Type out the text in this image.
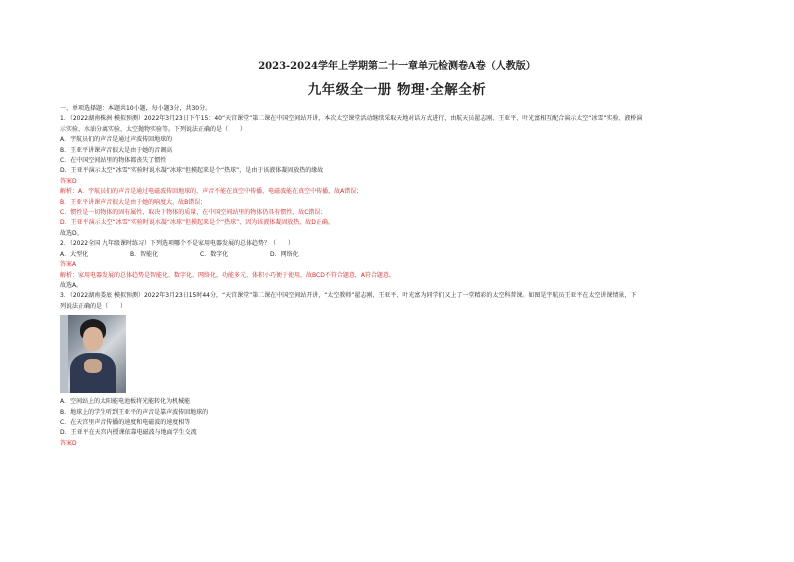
2023-2024学年上学期第二十一章单元检测卷A卷（人教版）
九年级全一册 物理·全解全析
一、单项选择题：本题共10小题，每小题3分，共30分。
1．（2022湖南株洲 模拟预测）2022年3月23日下午15：40“天宫课堂”第二课在中国空间站开讲，本次太空课堂活动继续采取天地对话方式进行，由航天员翟志刚、王亚平、叶光富相互配合演示太空“冰雪”实验、液桥演
示实验、水油分离实验、太空抛物实验等。下列说法正确的是（　　）
A．宇航员们的声音是通过声波传回地球的
B．王亚平讲课声音很大是由于她的音调高
C．在中国空间站里的物体都丧失了惯性
D．王亚平演示太空“冰雪”实验时说水凝“冰球”但摸起来是个“热球”，是由于该液体凝固放热的缘故
答案D
解析：A．宇航员们的声音是通过电磁波传回地球的，声音不能在真空中传播，电磁波能在真空中传播，故A错误；
B．王亚平讲课声音很大是由于她的响度大，故B错误；
C．惯性是一切物体的固有属性，取决于物体的质量，在中国空间站里的物体仍具有惯性，故C错误；
D．王亚平演示太空“冰雪”实验时说水凝“冰球”但摸起来是个“热球”，因为该液体凝固放热，故D正确。
故选D。
2．（2022全国 九年级课时练习）下列选项哪个不是家用电器发展的总体趋势？（　　）
A．大型化	B．智能化	C．数字化	D．网络化
答案A
解析：家用电器发展的总体趋势是智能化、数字化、网络化，功能多元、体积小巧便于使用，故BCD不符合题意，A符合题意。
故选A。
3．（2022湖南娄底 模拟预测）2022年3月23日15时44分，“天宫课堂”第二课在中国空间站开讲，“太空教师”翟志刚、王亚平、叶光富为同学们又上了一堂精彩的太空科普课。如图是宇航员王亚平在太空讲课情景，下
列说法正确的是（　　）
A．空间站上的太阳能电池板将光能转化为机械能
B．地球上的学生听到王亚平的声音是靠声波传回地球的
C．在天宫里声音传播的速度和电磁波的速度相等
D．王亚平在天宫内授课依靠电磁波与地面学生交流
答案D
